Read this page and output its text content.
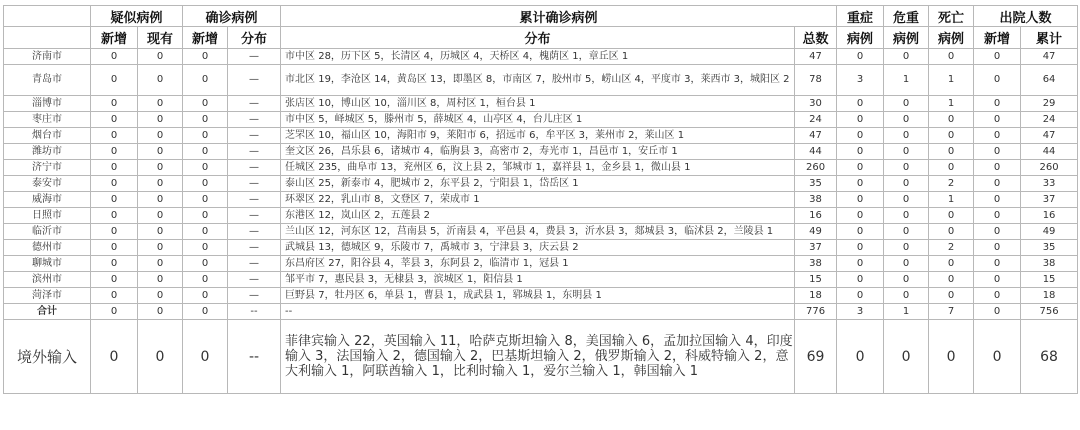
	疑似病例		确诊病例		累计确诊病例		重症	危重	死亡	出院人数	
	新增	现有	新增	分布	分布	总数	病例	病例	病例	新增	累计
济南市	0	0	0	—	市中区 28，历下区 5，长清区 4，历城区 4，天桥区 4，槐荫区 1，章丘区 1	47	0	0	0	0	47
青岛市	0	0	0	—	市北区 19，李沧区 14，黄岛区 13，即墨区 8，市南区 7，胶州市 5，崂山区 4，平度市 3，莱西市 3，城阳区 2	78	3	1	1	0	64
淄博市	0	0	0	—	张店区 10，博山区 10，淄川区 8，周村区 1，桓台县 1	30	0	0	1	0	29
枣庄市	0	0	0	—	市中区 5，峄城区 5，滕州市 5，薛城区 4，山亭区 4，台儿庄区 1	24	0	0	0	0	24
烟台市	0	0	0	—	芝罘区 10，福山区 10，海阳市 9，莱阳市 6，招远市 6，牟平区 3，莱州市 2，莱山区 1	47	0	0	0	0	47
潍坊市	0	0	0	—	奎文区 26，昌乐县 6，诸城市 4，临朐县 3，高密市 2，寿光市 1，昌邑市 1，安丘市 1	44	0	0	0	0	44
济宁市	0	0	0	—	任城区 235，曲阜市 13，兖州区 6，汶上县 2，邹城市 1，嘉祥县 1，金乡县 1，微山县 1	260	0	0	0	0	260
泰安市	0	0	0	—	泰山区 25，新泰市 4，肥城市 2，东平县 2，宁阳县 1，岱岳区 1	35	0	0	2	0	33
威海市	0	0	0	—	环翠区 22，乳山市 8，文登区 7，荣成市 1	38	0	0	1	0	37
日照市	0	0	0	—	东港区 12，岚山区 2，五莲县 2	16	0	0	0	0	16
临沂市	0	0	0	—	兰山区 12，河东区 12，莒南县 5，沂南县 4，平邑县 4，费县 3，沂水县 3，郯城县 3，临沭县 2，兰陵县 1	49	0	0	0	0	49
德州市	0	0	0	—	武城县 13，德城区 9，乐陵市 7，禹城市 3，宁津县 3，庆云县 2	37	0	0	2	0	35
聊城市	0	0	0	—	东昌府区 27，阳谷县 4，莘县 3，东阿县 2，临清市 1，冠县 1	38	0	0	0	0	38
滨州市	0	0	0	—	邹平市 7，惠民县 3，无棣县 3，滨城区 1，阳信县 1	15	0	0	0	0	15
菏泽市	0	0	0	—	巨野县 7，牡丹区 6，单县 1，曹县 1，成武县 1，郓城县 1，东明县 1	18	0	0	0	0	18
合计	0	0	0	--	--	776	3	1	7	0	756
境外输入	0	0	0	--	菲律宾输入 22，英国输入 11，哈萨克斯坦输入 8，美国输入 6，孟加拉国输入 4，印度输入 3，法国输入 2，德国输入 2，巴基斯坦输入 2，俄罗斯输入 2，科威特输入 2，意大利输入 1，阿联酋输入 1，比利时输入 1，爱尔兰输入 1，韩国输入 1	69	0	0	0	0	68
